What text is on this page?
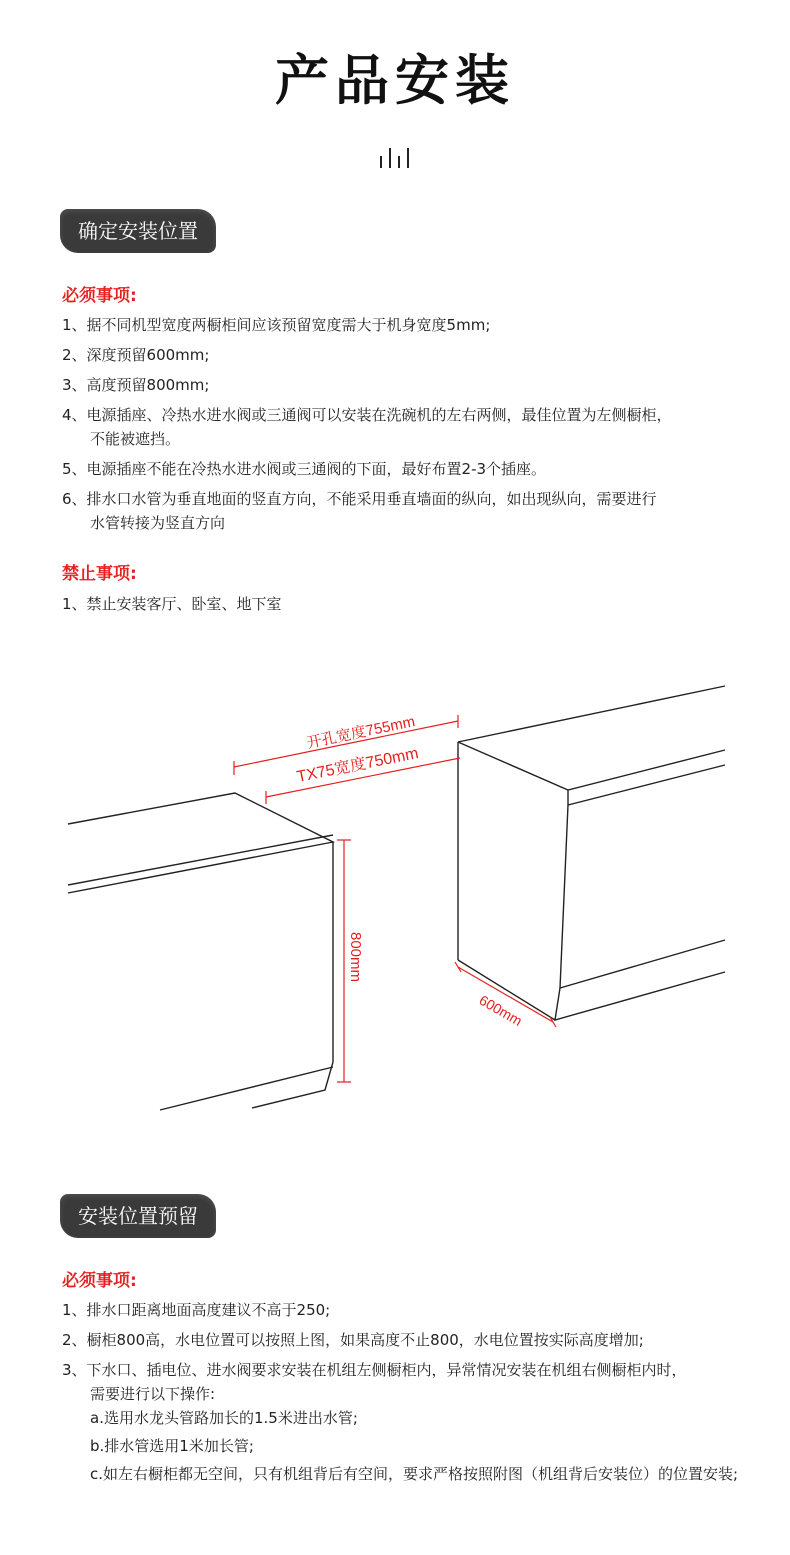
产品安装
确定安装位置
必须事项:
1、据不同机型宽度两橱柜间应该预留宽度需大于机身宽度5mm;
2、深度预留600mm;
3、高度预留800mm;
4、电源插座、冷热水进水阀或三通阀可以安装在洗碗机的左右两侧，最佳位置为左侧橱柜，
不能被遮挡。
5、电源插座不能在冷热水进水阀或三通阀的下面，最好布置2-3个插座。
6、排水口水管为垂直地面的竖直方向，不能采用垂直墙面的纵向，如出现纵向，需要进行
水管转接为竖直方向
禁止事项:
1、禁止安装客厅、卧室、地下室
开孔宽度755mm
TX75宽度750mm
800mm
600mm
安装位置预留
必须事项:
1、排水口距离地面高度建议不高于250;
2、橱柜800高，水电位置可以按照上图，如果高度不止800，水电位置按实际高度增加;
3、下水口、插电位、进水阀要求安装在机组左侧橱柜内，异常情况安装在机组右侧橱柜内时，
需要进行以下操作:
a.选用水龙头管路加长的1.5米进出水管;
b.排水管选用1米加长管;
c.如左右橱柜都无空间，只有机组背后有空间，要求严格按照附图（机组背后安装位）的位置安装;
